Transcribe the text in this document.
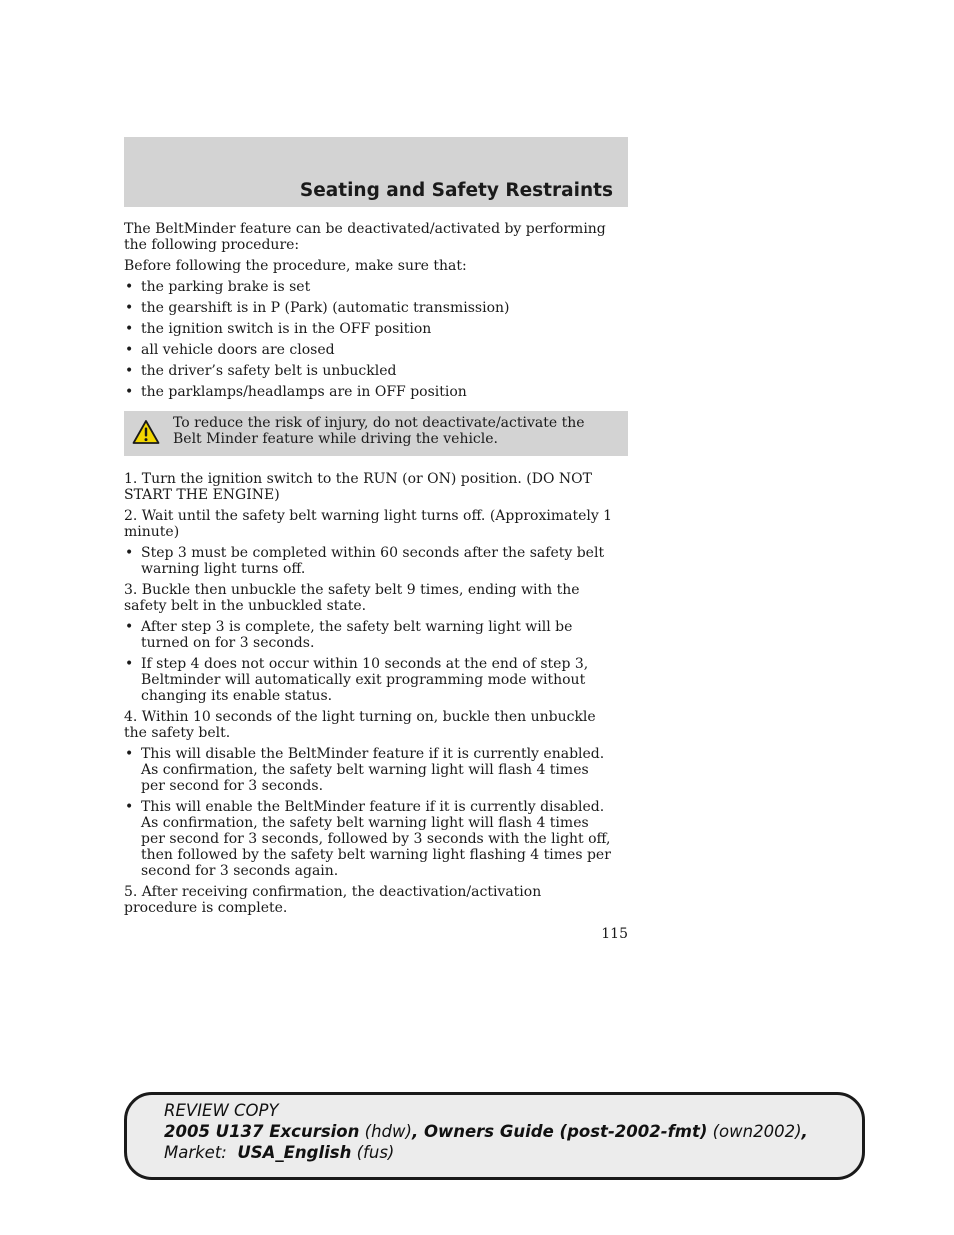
Seating and Safety Restraints

The BeltMinder feature can be deactivated/activated by performing the following procedure:

Before following the procedure, make sure that:

• the parking brake is set
• the gearshift is in P (Park) (automatic transmission)
• the ignition switch is in the OFF position
• all vehicle doors are closed
• the driver’s safety belt is unbuckled
• the parklamps/headlamps are in OFF position
To reduce the risk of injury, do not deactivate/activate the Belt Minder feature while driving the vehicle.

1. Turn the ignition switch to the RUN (or ON) position. (DO NOT START THE ENGINE)

2. Wait until the safety belt warning light turns off. (Approximately 1 minute)

• Step 3 must be completed within 60 seconds after the safety belt warning light turns off.

3. Buckle then unbuckle the safety belt 9 times, ending with the safety belt in the unbuckled state.

• After step 3 is complete, the safety belt warning light will be turned on for 3 seconds.
• If step 4 does not occur within 10 seconds at the end of step 3, Beltminder will automatically exit programming mode without changing its enable status.

4. Within 10 seconds of the light turning on, buckle then unbuckle the safety belt.

• This will disable the BeltMinder feature if it is currently enabled. As confirmation, the safety belt warning light will flash 4 times per second for 3 seconds.
• This will enable the BeltMinder feature if it is currently disabled. As confirmation, the safety belt warning light will flash 4 times per second for 3 seconds, followed by 3 seconds with the light off, then followed by the safety belt warning light flashing 4 times per second for 3 seconds again.

5. After receiving confirmation, the deactivation/activation procedure is complete.

115
REVIEW COPY
2005 U137 Excursion (hdw), Owners Guide (post-2002-fmt) (own2002),
Market:  USA_English (fus)
